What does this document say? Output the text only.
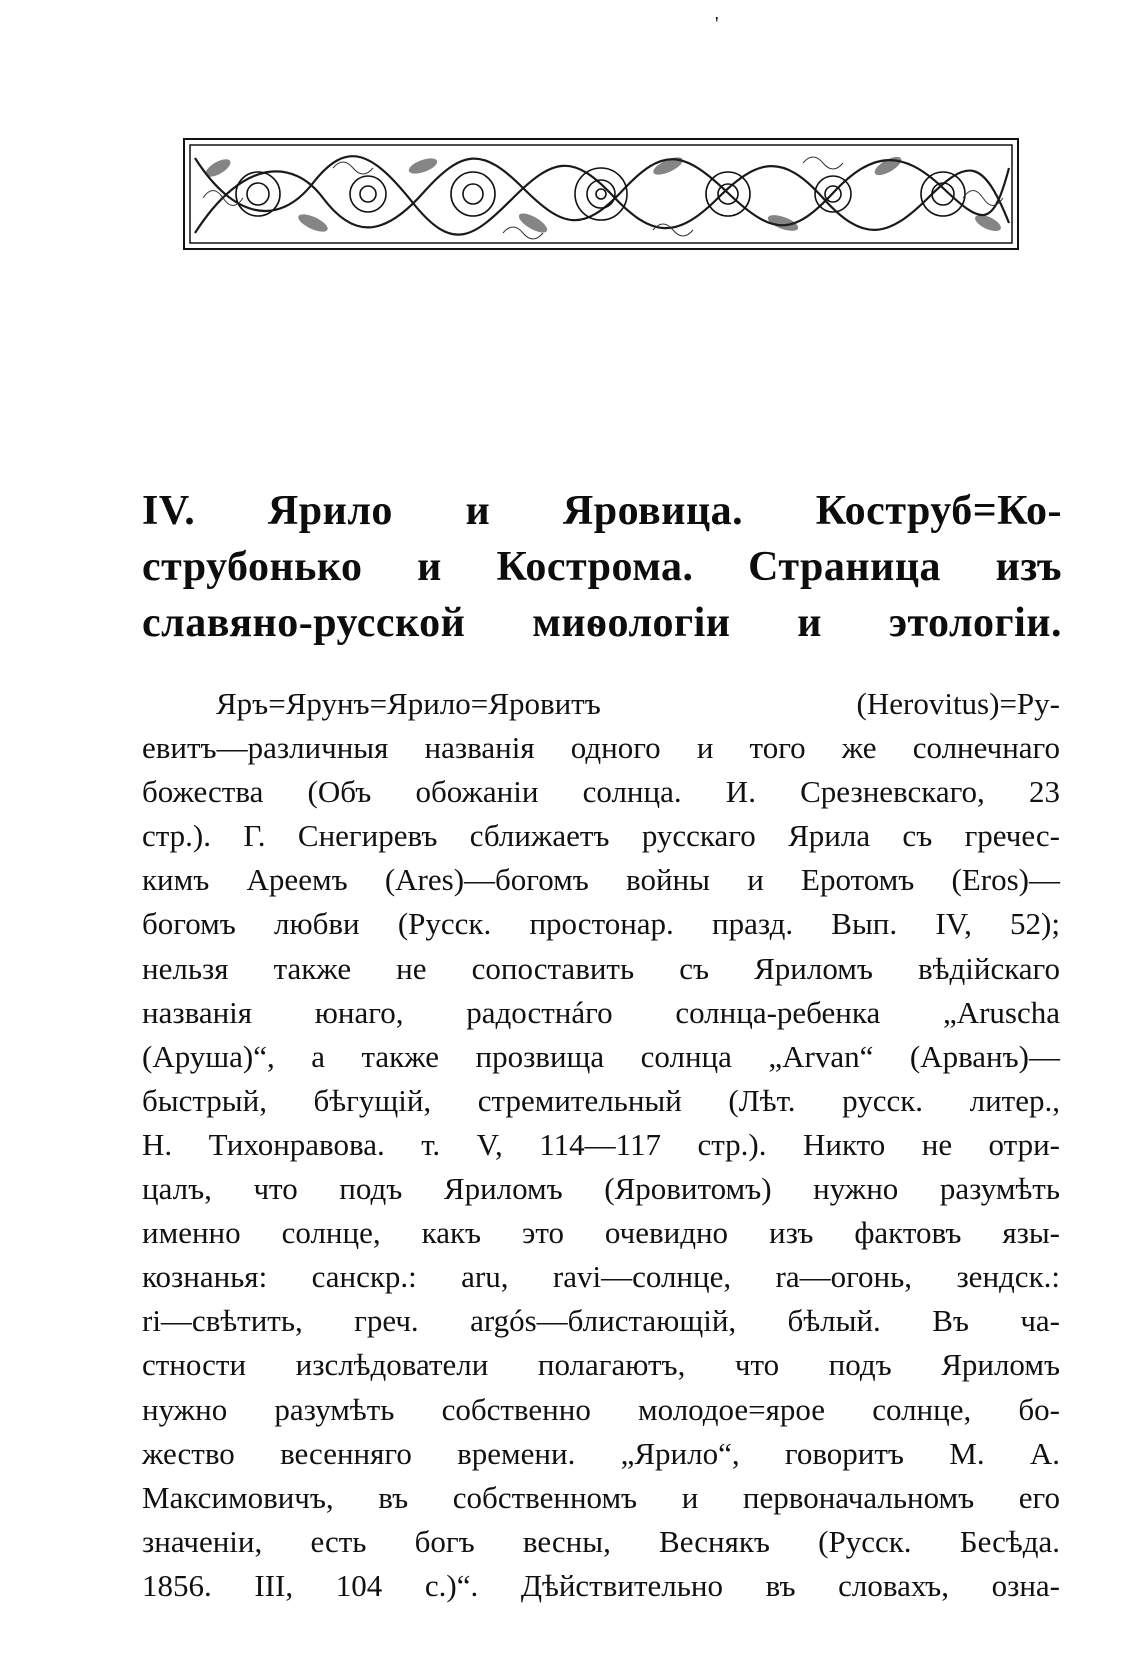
'
IV. Ярило и Яровица. Коструб=Ко-
струбонько и Кострома. Страница изъ
славяно-русской миѳологіи и этологіи.
Яръ=Ярунъ=Ярило=Яровитъ (Herovitus)=Ру-
евитъ—различныя названія одного и того же солнечнаго
божества (Объ обожаніи солнца. И. Срезневскаго, 23
стр.). Г. Снегиревъ сближаетъ русскаго Ярила съ гречес-
кимъ Ареемъ (Ares)—богомъ войны и Еротомъ (Eros)—
богомъ любви (Русск. простонар. празд. Вып. IV, 52);
нельзя также не сопоставить съ Яриломъ вѣдійскаго
названія юнаго, радостнáго солнца-ребенка „Aruscha
(Аруша)“, а также прозвища солнца „Arvan“ (Арванъ)—
быстрый, бѣгущій, стремительный (Лѣт. русск. литер.,
Н. Тихонравова. т. V, 114—117 стр.). Никто не отри-
цалъ, что подъ Яриломъ (Яровитомъ) нужно разумѣть
именно солнце, какъ это очевидно изъ фактовъ язы-
кознанья: санскр.: aru, ravi—солнце, ra—огонь, зендск.:
ri—свѣтить, греч. argós—блистающій, бѣлый. Въ ча-
стности изслѣдователи полагаютъ, что подъ Яриломъ
нужно разумѣть собственно молодое=ярое солнце, бо-
жество весенняго времени. „Ярило“, говоритъ М. А.
Максимовичъ, въ собственномъ и первоначальномъ его
значеніи, есть богъ весны, Веснякъ (Русск. Бесѣда.
1856. III, 104 с.)“. Дѣйствительно въ словахъ, озна-
